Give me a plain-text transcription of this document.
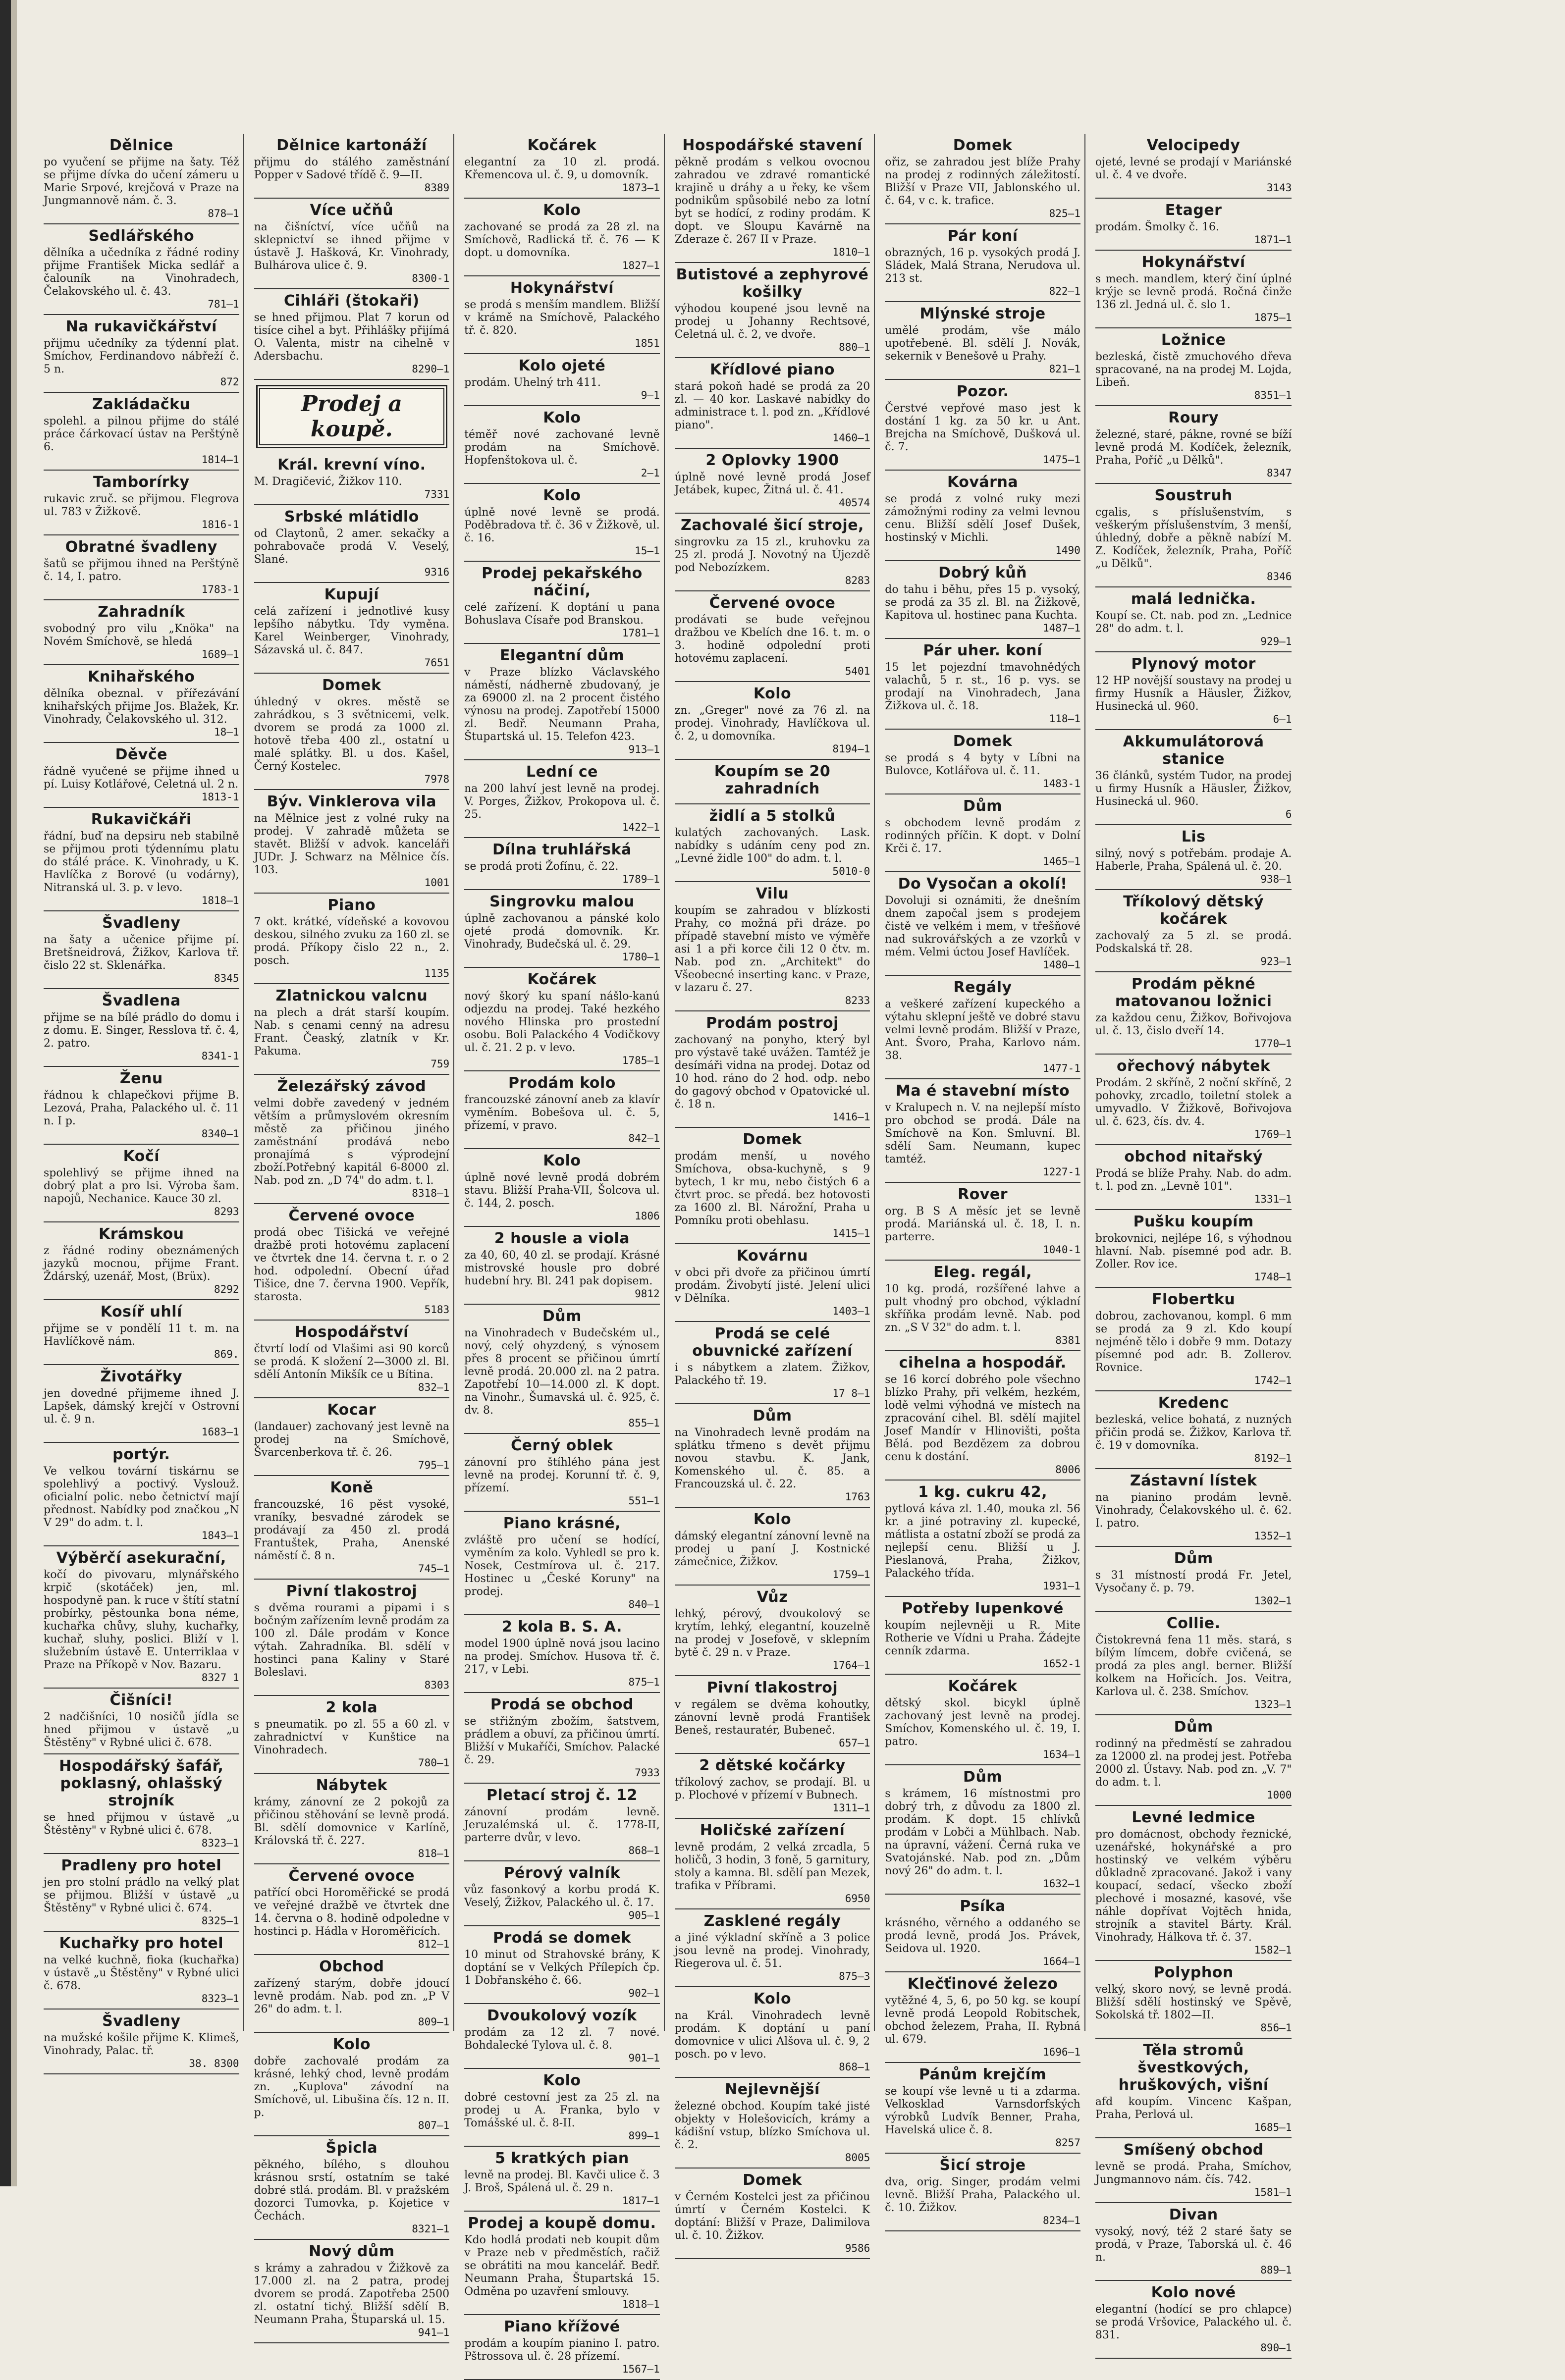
Dělnice

po vyučení se přijme na šaty. Též se přijme dívka do učení zámeru u Marie Srpové, krejčová v Praze na Jungmannově nám. č. 3.

878—1
Sedlářského

dělníka a učedníka z řádné rodiny přijme František Micka sedlář a čalouník na Vinohradech, Čelakovského ul. č. 43.

781—1
Na rukavičkářství

přijmu učedníky za týdenní plat. Smíchov, Ferdinandovo nábřeží č. 5 n.

872
Zakládačku

spolehl. a pilnou přijme do stálé práce čárkovací ústav na Perštýně 6.

1814—1
Tamborírky

rukavic zruč. se přijmou. Flegrova ul. 783 v Žižkově.

1816-1
Obratné švadleny

šatů se přijmou ihned na Perštýně č. 14, I. patro.

1783-1
Zahradník

svobodný pro vilu „Knöka" na Novém Smíchově, se hledá

1689—1
Knihařského

dělníka obeznal. v přířezávání knihařských přijme Jos. Blažek, Kr. Vinohrady, Čelakovského ul. 312.

18—1
Děvče

řádně vyučené se přijme ihned u pí. Luisy Kotlářové, Celetná ul. 2 n.

1813-1
Rukavičkáři

řádní, buď na depsiru neb stabilně se přijmou proti týdennímu platu do stálé práce. K. Vinohrady, u K. Havlíčka z Borové (u vodárny), Nitranská ul. 3. p. v levo.

1818—1
Švadleny

na šaty a učenice přijme pí. Bretšneidrová, Žižkov, Karlova tř. čislo 22 st. Sklenářka.

8345
Švadlena

přijme se na bílé prádlo do domu i z domu. E. Singer, Resslova tř. č. 4, 2. patro.

8341-1
Ženu

řádnou k chlapečkovi přijme B. Lezová, Praha, Palackého ul. č. 11 n. I p.

8340—1
Kočí

spolehlivý se přijme ihned na dobrý plat a pro lsi. Výroba šam. napojů, Nechanice. Kauce 30 zl.

8293
Krámskou

z řádné rodiny obeznámených jazyků mocnou, přijme Frant. Ždárský, uzenář, Most, (Brüx).

8292
Kosíř uhlí

přijme se v pondělí 11 t. m. na Havlíčkově nám.

869.
Životářky

jen dovedné přijmeme ihned J. Lapšek, dámský krejčí v Ostrovní ul. č. 9 n.

1683—1
portýr.

Ve velkou tovární tiskárnu se spolehlivý a poctivý. Vyslouž. oficialní polic. nebo četnictví mají přednost. Nabídky pod značkou „N V 29" do adm. t. l.

1843—1
Výběrčí asekurační,

kočí do pivovaru, mlynářského krpič (skotáček) jen, ml. hospodyně pan. k ruce v štítí statní probírky, pěstounka bona néme, kuchařka chůvy, sluhy, kuchařky, kuchař, sluhy, poslici. Bliží v l. služebním ústavě E. Unterriklaa v Praze na Příkopě v Nov. Bazaru.

8327 1
Čišníci!

2 nadčišníci, 10 nosičů jídla se hned přijmou v ústavě „u Štěstěny" v Rybné ulici č. 678.

Hospodářský šafář, poklasný, ohlašský strojník

se hned přijmou v ústavě „u Štěstěny" v Rybné ulici č. 678.

8323—1
Pradleny pro hotel

jen pro stolní prádlo na velký plat se přijmou. Bližší v ústavě „u Štěstěny" v Rybné ulici č. 674.

8325—1
Kuchařky pro hotel

na velké kuchně, fioka (kuchařka) v ústavě „u Štěstěny" v Rybné ulici č. 678.

8323—1
Švadleny

na mužské košile přijme K. Klimeš, Vinohrady, Palac. tř.

38. 8300
Dělnice kartonáží

přijmu do stálého zaměstnání Popper v Sadové třídě č. 9—II.

8389
Více učňů

na čišníctví, více učňů na sklepnictví se ihned přijme v ústavě J. Hašková, Kr. Vinohrady, Bulhárova ulice č. 9.

8300-1
Cihláři (štokaři)

se hned přijmou. Plat 7 korun od tisíce cihel a byt. Přihlášky přijímá O. Valenta, mistr na cihelně v Adersbachu.

8290—1
Prodej a koupě.
Král. krevní víno.

M. Dragičević, Žižkov 110.

7331
Srbské mlátidlo

od Claytonů, 2 amer. sekačky a pohrabovače prodá V. Veselý, Slané.

9316
Kupují

celá zařízení i jednotlivé kusy lepšího nábytku. Tdy vyměna. Karel Weinberger, Vinohrady, Sázavská ul. č. 847.

7651
Domek

úhledný v okres. městě se zahrádkou, s 3 světnicemi, velk. dvorem se prodá za 1000 zl. hotově třeba 400 zl., ostatní u malé splátky. Bl. u dos. Kašel, Černý Kostelec.

7978
Býv. Vinklerova vila

na Mělnice jest z volné ruky na prodej. V zahradě můžeta se stavět. Bližší v advok. kanceláři JUDr. J. Schwarz na Mělnice čís. 103.

1001
Piano

7 okt. krátké, vídeňské a kovovou deskou, silného zvuku za 160 zl. se prodá. Příkopy čislo 22 n., 2. posch.

1135
Zlatnickou valcnu

na plech a drát starší koupím. Nab. s cenami cenný na adresu Frant. Čeaský, zlatník v Kr. Pakuma.

759
Železářský závod

velmi dobře zavedený v jedném větším a průmyslovém okresním městě za přičinou jiného zaměstnání prodává nebo pronajímá s výprodejní zboží.Potřebný kapitál 6-8000 zl. Nab. pod zn. „D 74" do adm. t. l.

8318—1
Červené ovoce

prodá obec Tišická ve veřejné dražbě proti hotovému zaplacení ve čtvrtek dne 14. června t. r. o 2 hod. odpolední. Obecní úřad Tišice, dne 7. června 1900. Vepřík, starosta.

5183
Hospodářství

čtvrtí lodí od Vlašimi asi 90 korců se prodá. K složení 2—3000 zl. Bl. sdělí Antonín Mikšík ce u Bítina.

832—1
Kocar

(landauer) zachovaný jest levně na prodej na Smíchově, Švarcenberkova tř. č. 26.

795—1
Koně

francouzské, 16 pěst vysoké, vraníky, besvadné zárodek se prodávají za 450 zl. prodá Frantuštek, Praha, Anenské náměstí č. 8 n.

745—1
Pivní tlakostroj

s dvěma rourami a pipami i s bočným zařízením levně prodám za 100 zl. Dále prodám v Konce výtah. Zahradníka. Bl. sdělí v hostinci pana Kaliny v Staré Boleslavi.

8303
2 kola

s pneumatik. po zl. 55 a 60 zl. v zahradnictví v Kunštice na Vinohradech.

780—1
Nábytek

krámy, zánovní ze 2 pokojů za přičinou stěhování se levně prodá. Bl. sdělí domovnice v Karlíně, Královská tř. č. 227.

818—1
Červené ovoce

patřící obci Horoměřické se prodá ve veřejné dražbě ve čtvrtek dne 14. června o 8. hodině odpoledne v hostinci p. Hádla v Horoměřicích.

812—1
Obchod

zařízený starým, dobře jdoucí levně prodám. Nab. pod zn. „P V 26" do adm. t. l.

809—1
Kolo

dobře zachovalé prodám za krásné, lehký chod, levně prodám zn. „Kuplova" závodní na Smíchově, ul. Libušina čís. 12 n. II. p.

807—1
Špicla

pěkného, bílého, s dlouhou krásnou srstí, ostatním se také dobré stlá. prodám. Bl. v pražském dozorci Tumovka, p. Kojetice v Čechách.

8321—1
Nový dům

s krámy a zahradou v Žižkově za 17.000 zl. na 2 patra, prodej dvorem se prodá. Zapotřeba 2500 zl. ostatní tichý. Bližší sdělí B. Neumann Praha, Štuparská ul. 15.

941—1
Kočárek

elegantní za 10 zl. prodá. Křemencova ul. č. 9, u domovník.

1873—1
Kolo

zachované se prodá za 28 zl. na Smíchově, Radlická tř. č. 76 — K dopt. u domovníka.

1827—1
Hokynářství

se prodá s menším mandlem. Bližší v krámě na Smíchově, Palackého tř. č. 820.

1851
Kolo ojeté

prodám. Uhelný trh 411.

9—1
Kolo

téměř nové zachované levně prodám na Smíchově. Hopfenštokova ul. č.

2—1
Kolo

úplně nové levně se prodá. Poděbradova tř. č. 36 v Žižkově, ul. č. 16.

15—1
Prodej pekařského náčiní,

celé zařízení. K doptání u pana Bohuslava Císaře pod Branskou.

1781—1
Elegantní dům

v Praze blízko Václavského náměstí, nádherně zbudovaný, je za 69000 zl. na 2 procent čistého výnosu na prodej. Zapotřebí 15000 zl. Bedř. Neumann Praha, Štupartská ul. 15. Telefon 423.

913—1
Lední ce

na 200 lahví jest levně na prodej. V. Porges, Žižkov, Prokopova ul. č. 25.

1422—1
Dílna truhlářská

se prodá proti Žofínu, č. 22.

1789—1
Singrovku malou

úplně zachovanou a pánské kolo ojeté prodá domovník. Kr. Vinohrady, Budečská ul. č. 29.

1780—1
Kočárek

nový škorý ku spaní nášlo-kanú odjezdu na prodej. Také hezkého nového Hlinska pro prostední osobu. Boli Palackého 4 Vodičkovy ul. č. 21. 2 p. v levo.

1785—1
Prodám kolo

francouzské zánovní aneb za klavír vyměním. Bobešova ul. č. 5, přízemí, v pravo.

842—1
Kolo

úplně nové levně prodá dobrém stavu. Bližší Praha-VII, Šolcova ul. č. 144, 2. posch.

1806
2 housle a viola

za 40, 60, 40 zl. se prodají. Krásné mistrovské housle pro dobré hudební hry. Bl. 241 pak dopisem.

9812
Dům

na Vinohradech v Budečském ul., nový, celý ohyzdený, s výnosem přes 8 procent se přičinou úmrtí levně prodá. 20.000 zl. na 2 patra. Zapotřebí 10—14.000 zl. K dopt. na Vinohr., Šumavská ul. č. 925, č. dv. 8.

855—1
Černý oblek

zánovní pro štíhlého pána jest levně na prodej. Korunní tř. č. 9, přízemí.

551—1
Piano krásné,

zvláště pro učení se hodící, vyměním za kolo. Vyhledl se pro k. Nosek, Cestmírova ul. č. 217. Hostinec u „České Koruny" na prodej.

840—1
2 kola B. S. A.

model 1900 úplně nová jsou lacino na prodej. Smíchov. Husova tř. č. 217, v Lebi.

875—1
Prodá se obchod

se střižným zbožím, šatstvem, prádlem a obuví, za přičinou úmrtí. Bližší v Mukaříči, Smíchov. Palacké č. 29.

7933
Pletací stroj č. 12

zánovní prodám levně. Jeruzalémská ul. č. 1778-II, parterre dvůr, v levo.

868—1
Pérový valník

vůz fasonkový a korbu prodá K. Veselý, Žižkov, Palackého ul. č. 17.

905—1
Prodá se domek

10 minut od Strahovské brány, K doptání se v Velkých Přílepích čp. 1 Dobřanského č. 66.

902—1
Dvoukolový vozík

prodám za 12 zl. 7 nové. Bohdalecké Tylova ul. č. 8.

901—1
Kolo

dobré cestovní jest za 25 zl. na prodej u A. Franka, bylo v Tomášské ul. č. 8-II.

899—1
5 kratkých pian

levně na prodej. Bl. Kavči ulice č. 3 J. Broš, Spálená ul. č. 29 n.

1817—1
Prodej a koupě domu.

Kdo hodlá prodati neb koupit dům v Praze neb v předměstích, račiž se obrátiti na mou kancelář. Bedř. Neumann Praha, Štupartská 15. Odměna po uzavření smlouvy.

1818—1
Piano křížové

prodám a koupím pianino I. patro. Pštrossova ul. č. 28 přízemí.

1567—1
Hospodářské stavení

pěkně prodám s velkou ovocnou zahradou ve zdravé romantické krajině u dráhy a u řeky, ke všem podnikům spůsobilé nebo za lotní byt se hodící, z rodiny prodám. K dopt. ve Sloupu Kavárně na Zderaze č. 267 II v Praze.

1810—1
Butistové a zephyrové košilky

výhodou koupené jsou levně na prodej u Johanny Rechtsové, Celetná ul. č. 2, ve dvoře.

880—1
Křídlové piano

stará pokoň hadé se prodá za 20 zl. — 40 kor. Laskavé nabídky do administrace t. l. pod zn. „Křídlové piano".

1460—1
2 Oplovky 1900

úplně nové levně prodá Josef Jetábek, kupec, Žitná ul. č. 41.

40574
Zachovalé šicí stroje,

singrovku za 15 zl., kruhovku za 25 zl. prodá J. Novotný na Újezdě pod Nebozízkem.

8283
Červené ovoce

prodávati se bude veřejnou dražbou ve Kbelích dne 16. t. m. o 3. hodině odpolední proti hotovému zaplacení.

5401
Kolo

zn. „Greger" nové za 76 zl. na prodej. Vinohrady, Havlíčkova ul. č. 2, u domovníka.

8194—1
Koupím se 20 zahradních
židlí a 5 stolků

kulatých zachovaných. Lask. nabídky s udáním ceny pod zn. „Levné židle 100" do adm. t. l.

5010-0
Vilu

koupím se zahradou v blízkosti Prahy, co možná při dráze. po případě stavební místo ve výměře asi 1 a při korce čili 12 0 čtv. m. Nab. pod zn. „Architekt" do Všeobecné inserting kanc. v Praze, v lazaru č. 27.

8233
Prodám postroj

zachovaný na ponyho, který byl pro výstavě také uvážen. Tamtéž je desímáři vidna na prodej. Dotaz od 10 hod. ráno do 2 hod. odp. nebo do gagový obchod v Opatovické ul. č. 18 n.

1416—1
Domek

prodám menší, u nového Smíchova, obsa-kuchyně, s 9 bytech, 1 kr mu, nebo čistých 6 a čtvrt proc. se předá. bez hotovosti za 1600 zl. Bl. Nárožní, Praha u Pomníku proti obehlasu.

1415—1
Kovárnu

v obci při dvoře za přičinou úmrtí prodám. Živobytí jisté. Jelení ulici v Dělníka.

1403—1
Prodá se celé obuvnické zařízení

i s nábytkem a zlatem. Žižkov, Palackého tř. 19.

17 8—1
Dům

na Vinohradech levně prodám na splátku třmeno s devět přijmu novou stavbu. K. Jank, Komenského ul. č. 85. a Francouzská ul. č. 22.

1763
Kolo

dámský elegantní zánovní levně na prodej u paní J. Kostnické zámečnice, Žižkov.

1759—1
Vůz

lehký, pérový, dvoukolový se krytím, lehký, elegantní, kouzelně na prodej v Josefově, v sklepním bytě č. 29 n. v Praze.

1764—1
Pivní tlakostroj

v regálem se dvěma kohoutky, zánovní levně prodá František Beneš, restauratér, Bubeneč.

657—1
2 dětské kočárky

tříkolový zachov, se prodají. Bl. u p. Plochové v přízemí v Bubnech.

1311—1
Holičské zařízení

levně prodám, 2 velká zrcadla, 5 holičů, 3 hodin, 3 foně, 5 garnitury, stoly a kamna. Bl. sdělí pan Mezek, trafika v Příbrami.

6950
Zasklené regály

a jiné výkladní skříně a 3 police jsou levně na prodej. Vinohrady, Riegerova ul. č. 51.

875—3
Kolo

na Král. Vinohradech levně prodám. K doptání u paní domovnice v ulici Alšova ul. č. 9, 2 posch. po v levo.

868—1
Nejlevnější

železné obchod. Koupím také jisté objekty v Holešovicích, krámy a kádišní vstup, blízko Smíchova ul. č. 2.

8005
Domek

v Černém Kostelci jest za přičinou úmrtí v Černém Kostelci. K doptání: Bližší v Praze, Dalimilova ul. č. 10. Žižkov.

9586
Domek

ořiz, se zahradou jest blíže Prahy na prodej z rodinných záležitostí. Bližší v Praze VII, Jablonského ul. č. 64, v c. k. trafice.

825—1
Pár koní

obrazných, 16 p. vysokých prodá J. Sládek, Malá Strana, Nerudova ul. 213 st.

822—1
Mlýnské stroje

umělé prodám, vše málo upotřebené. Bl. sdělí J. Novák, sekernik v Benešově u Prahy.

821—1
Pozor.

Čerstvé vepřové maso jest k dostání 1 kg. za 50 kr. u Ant. Brejcha na Smíchově, Dušková ul. č. 7.

1475—1
Kovárna

se prodá z volné ruky mezi zámožnými rodiny za velmi levnou cenu. Bližší sdělí Josef Dušek, hostinský v Michli.

1490
Dobrý kůň

do tahu i běhu, přes 15 p. vysoký, se prodá za 35 zl. Bl. na Žižkově, Kapitova ul. hostinec pana Kuchta.

1487—1
Pár uher. koní

15 let pojezdní tmavohnědých valachů, 5 r. st., 16 p. vys. se prodají na Vinohradech, Jana Žižkova ul. č. 18.

118—1
Domek

se prodá s 4 byty v Líbni na Bulovce, Kotlářova ul. č. 11.

1483-1
Dům

s obchodem levně prodám z rodinných příčin. K dopt. v Dolní Krči č. 17.

1465—1
Do Vysočan a okolí!

Dovoluji si oznámiti, že dnešním dnem započal jsem s prodejem čistě ve velkém i mem, v třešňové nad sukrovářských a ze vzorků v mém. Velmi úctou Josef Havlíček.

1480—1
Regály

a veškeré zařízení kupeckého a výtahu sklepní ještě ve dobré stavu velmi levně prodám. Bližší v Praze, Ant. Švoro, Praha, Karlovo nám. 38.

1477-1
Ma é stavební místo

v Kralupech n. V. na nejlepší místo pro obchod se prodá. Dále na Smíchově na Kon. Smluvní. Bl. sdělí Sam. Neumann, kupec tamtéž.

1227-1
Rover

org. B S A měsíc jet se levně prodá. Mariánská ul. č. 18, I. n. parterre.

1040-1
Eleg. regál,

10 kg. prodá, rozšířené lahve a pult vhodný pro obchod, výkladní skříňka prodám levně. Nab. pod zn. „S V 32" do adm. t. l.

8381
cihelna a hospodář.

se 16 korcí dobrého pole všechno blízko Prahy, při velkém, hezkém, lodě velmi výhodná ve místech na zpracování cihel. Bl. sdělí majitel Josef Mandír v Hlinovišti, pošta Bělá. pod Bezdězem za dobrou cenu k dostání.

8006
1 kg. cukru 42,

pytlová káva zl. 1.40, mouka zl. 56 kr. a jiné potraviny zl. kupecké, mátlista a ostatní zboží se prodá za nejlepší cenu. Bližší u J. Pieslanová, Praha, Žižkov, Palackého třída.

1931—1
Potřeby lupenkové

koupím nejlevněji u R. Mite Rotherie ve Vídni u Praha. Žádejte cenník zdarma.

1652-1
Kočárek

dětský skol. bicykl úplně zachovaný jest levně na prodej. Smíchov, Komenského ul. č. 19, I. patro.

1634—1
Dům

s krámem, 16 místnostmi pro dobrý trh, z důvodu za 1800 zl. prodám. K dopt. 15 chlívků prodám v Lobči a Mühlbach. Nab. na úpravní, vážení. Černá ruka ve Svatojánské. Nab. pod zn. „Dům nový 26" do adm. t. l.

1632—1
Psíka

krásného, věrného a oddaného se prodá levně, prodá Jos. Právek, Seidova ul. 1920.

1664—1
Klečťinové železo

vytěžné 4, 5, 6, po 50 kg. se koupí levně prodá Leopold Robitschek, obchod železem, Praha, II. Rybná ul. 679.

1696—1
Pánům krejčím

se koupí vše levně u ti a zdarma. Velkosklad Varnsdorfských výrobků Ludvík Benner, Praha, Havelská ulice č. 8.

8257
Šicí stroje

dva, orig. Singer, prodám velmi levně. Bližší Praha, Palackého ul. č. 10. Žižkov.

8234—1
Velocipedy

ojeté, levné se prodají v Mariánské ul. č. 4 ve dvoře.

3143
Etager

prodám. Šmolky č. 16.

1871—1
Hokynářství

s mech. mandlem, který činí úplné krýje se levně prodá. Ročná činže 136 zl. Jedná ul. č. slo 1.

1875—1
Ložnice

bezleská, čistě zmuchového dřeva spracované, na na prodej M. Lojda, Libeň.

8351—1
Roury

železné, staré, pákne, rovné se bíží levně prodá M. Kodíček, železník, Praha, Poříč „u Dělků".

8347
Soustruh

cgalis, s příslušenstvím, s veškerým příslušenstvím, 3 menší, úhledný, dobře a pěkně nabízí M. Z. Kodíček, železník, Praha, Poříč „u Dělků".

8346
malá lednička.

Koupí se. Ct. nab. pod zn. „Lednice 28" do adm. t. l.

929—1
Plynový motor

12 HP novější soustavy na prodej u firmy Husník a Häusler, Žižkov, Husinecká ul. 960.

6—1
Akkumulátorová stanice

36 článků, systém Tudor, na prodej u firmy Husník a Häusler, Žižkov, Husinecká ul. 960.

6
Lis

silný, nový s potřebám. prodaje A. Haberle, Praha, Spálená ul. č. 20.

938—1
Tříkolový dětský kočárek

zachovalý za 5 zl. se prodá. Podskalská tř. 28.

923—1
Prodám pěkné matovanou ložnici

za každou cenu, Žižkov, Bořivojova ul. č. 13, čislo dveří 14.

1770—1
ořechový nábytek

Prodám. 2 skříně, 2 noční skříně, 2 pohovky, zrcadlo, toiletní stolek a umyvadlo. V Žižkově, Bořivojova ul. č. 623, čís. dv. 4.

1769—1
obchod nitařský

Prodá se blíže Prahy. Nab. do adm. t. l. pod zn. „Levně 101".

1331—1
Pušku koupím

brokovnici, nejlépe 16, s výhodnou hlavní. Nab. písemné pod adr. B. Zoller. Rov ice.

1748—1
Flobertku

dobrou, zachovanou, kompl. 6 mm se prodá za 9 zl. Kdo koupí nejméně tělo i dobře 9 mm. Dotazy písemné pod adr. B. Zollerov. Rovnice.

1742—1
Kredenc

bezleská, velice bohatá, z nuzných přičin prodá se. Žižkov, Karlova tř. č. 19 v domovníka.

8192—1
Zástavní lístek

na pianino prodám levně. Vinohrady, Čelakovského ul. č. 62. I. patro.

1352—1
Dům

s 31 místností prodá Fr. Jetel, Vysočany č. p. 79.

1302—1
Collie.

Čistokrevná fena 11 měs. stará, s bílým límcem, dobře cvičená, se prodá za ples angl. berner. Bližší kolkem na Hořicích. Jos. Veitra, Karlova ul. č. 238. Smíchov.

1323—1
Dům

rodinný na předměstí se zahradou za 12000 zl. na prodej jest. Potřeba 2000 zl. Ústavy. Nab. pod zn. „V. 7" do adm. t. l.

1000
Levné ledmice

pro domácnost, obchody řeznické, uzenářské, hokynářské a pro hostinský ve velkém výběru důkladně zpracované. Jakož i vany koupací, sedací, všecko zboží plechové i mosazné, kasové, vše náhle dopřívat Vojtěch hnida, strojník a stavitel Bárty. Král. Vinohrady, Hálkova tř. č. 37.

1582—1
Polyphon

velký, skoro nový, se levně prodá. Bližší sdělí hostinský ve Spěvě, Sokolská tř. 1802—II.

856—1
Těla stromů švestkových, hruškových, višní

afd koupím. Vincenc Kašpan, Praha, Perlová ul.

1685—1
Smíšený obchod

levně se prodá. Praha, Smíchov, Jungmannovo nám. čís. 742.

1581—1
Divan

vysoký, nový, též 2 staré šaty se prodá, v Praze, Taborská ul. č. 46 n.

889—1
Kolo nové

elegantní (hodící se pro chlapce) se prodá Vršovice, Palackého ul. č. 831.

890—1
